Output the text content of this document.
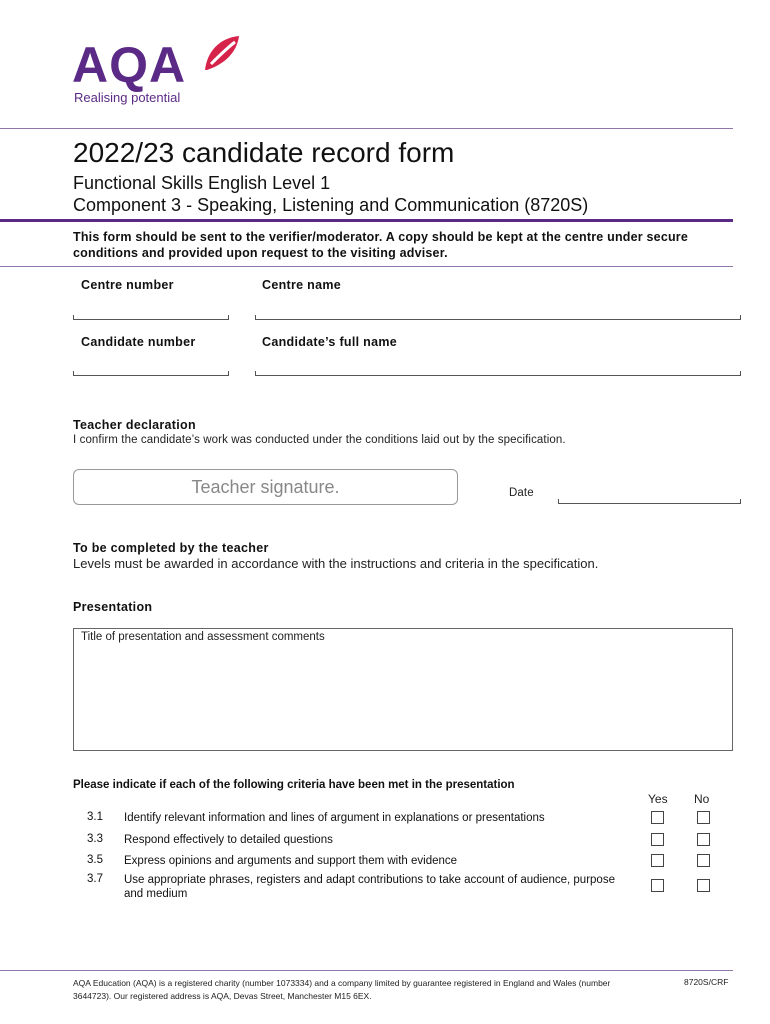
AQA
Realising potential
2022/23 candidate record form
Functional Skills English Level 1
Component 3 - Speaking, Listening and Communication (8720S)
This form should be sent to the verifier/moderator. A copy should be kept at the centre under secure conditions and provided upon request to the visiting adviser.
Centre number	Centre name
Candidate number	Candidate’s full name
Teacher declaration
I confirm the candidate’s work was conducted under the conditions laid out by the specification.
Teacher signature.	Date
To be completed by the teacher
Levels must be awarded in accordance with the instructions and criteria in the specification.
Presentation
Title of presentation and assessment comments
Please indicate if each of the following criteria have been met in the presentation
Yes No
3.1	Identify relevant information and lines of argument in explanations or presentations
3.3	Respond effectively to detailed questions
3.5	Express opinions and arguments and support them with evidence
3.7	Use appropriate phrases, registers and adapt contributions to take account of audience, purpose and medium
AQA Education (AQA) is a registered charity (number 1073334) and a company limited by guarantee registered in England and Wales (number 3644723). Our registered address is AQA, Devas Street, Manchester M15 6EX.
8720S/CRF
